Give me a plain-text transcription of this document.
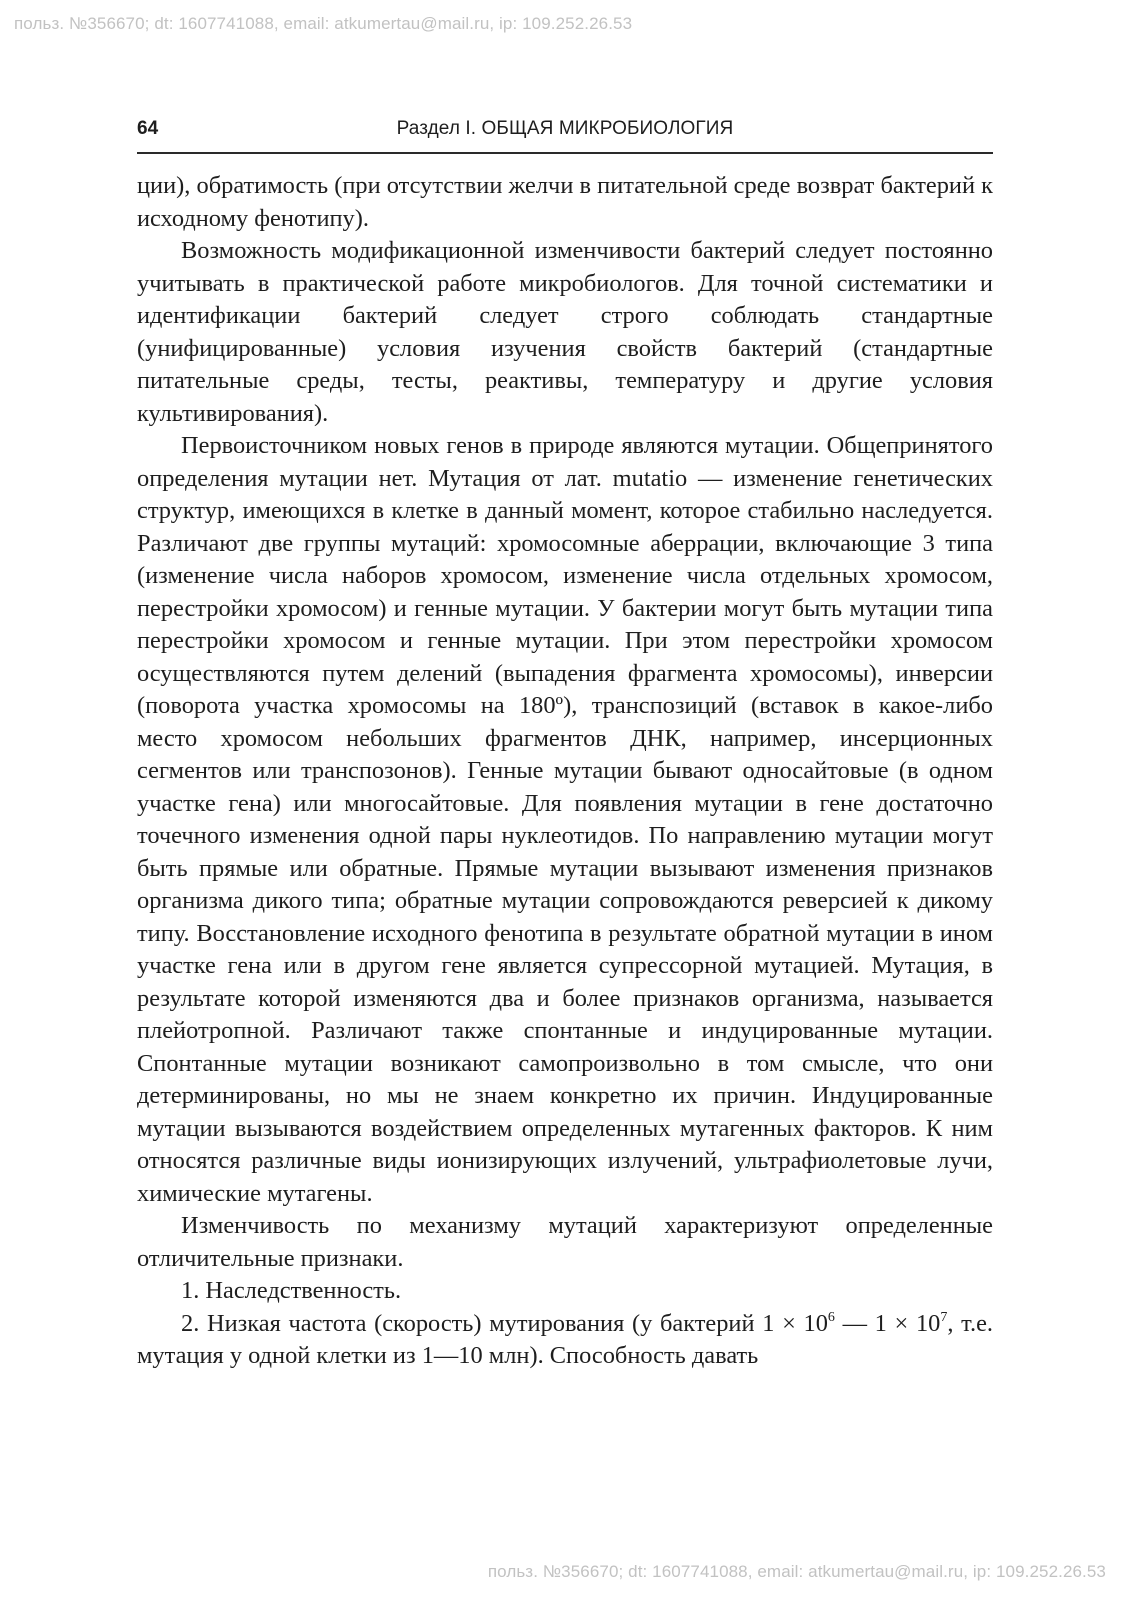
польз. №356670; dt: 1607741088, email: atkumertau@mail.ru, ip: 109.252.26.53
64	Раздел I. ОБЩАЯ МИКРОБИОЛОГИЯ

ции), обратимость (при отсутствии желчи в питательной среде возврат бактерий к исходному фенотипу).

Возможность модификационной изменчивости бактерий следует постоянно учитывать в практической работе микробиологов. Для точной систематики и идентификации бактерий следует строго соблюдать стандартные (унифицированные) условия изучения свойств бактерий (стандартные питательные среды, тесты, реактивы, температуру и другие условия культивирования).

Первоисточником новых генов в природе являются мутации. Общепринятого определения мутации нет. Мутация от лат. mutatio — изменение генетических структур, имеющихся в клетке в данный момент, которое стабильно наследуется. Различают две группы мутаций: хромосомные аберрации, включающие 3 типа (изменение числа наборов хромосом, изменение числа отдельных хромосом, перестройки хромосом) и генные мутации. У бактерии могут быть мутации типа перестройки хромосом и генные мутации. При этом перестройки хромосом осуществляются путем делений (выпадения фрагмента хромосомы), инверсии (поворота участка хромосомы на 180º), транспозиций (вставок в какое-либо место хромосом небольших фрагментов ДНК, например, инсерционных сегментов или транспозонов). Генные мутации бывают односайтовые (в одном участке гена) или многосайтовые. Для появления мутации в гене достаточно точечного изменения одной пары нуклеотидов. По направлению мутации могут быть прямые или обратные. Прямые мутации вызывают изменения признаков организма дикого типа; обратные мутации сопровождаются реверсией к дикому типу. Восстановление исходного фенотипа в результате обратной мутации в ином участке гена или в другом гене является супрессорной мутацией. Мутация, в результате которой изменяются два и более признаков организма, называется плейотропной. Различают также спонтанные и индуцированные мутации. Спонтанные мутации возникают самопроизвольно в том смысле, что они детерминированы, но мы не знаем конкретно их причин. Индуцированные мутации вызываются воздействием определенных мутагенных факторов. К ним относятся различные виды ионизирующих излучений, ультрафиолетовые лучи, химические мутагены.

Изменчивость по механизму мутаций характеризуют определенные отличительные признаки.

1. Наследственность.

2. Низкая частота (скорость) мутирования (у бактерий $1 \times 10^6$ — $1 \times 10^7$, т.е. мутация у одной клетки из 1—10 млн). Способность давать

польз. №356670; dt: 1607741088, email: atkumertau@mail.ru, ip: 109.252.26.53
